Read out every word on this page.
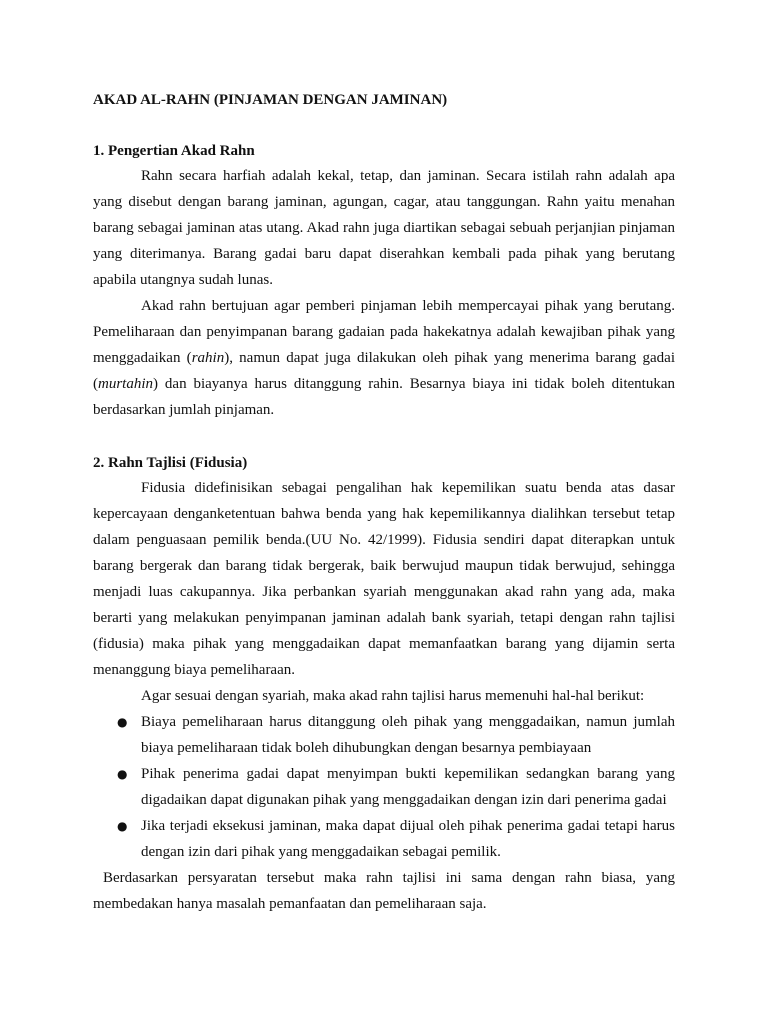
AKAD AL-RAHN (PINJAMAN DENGAN JAMINAN)

1. Pengertian Akad Rahn

Rahn secara harfiah adalah kekal, tetap, dan jaminan. Secara istilah rahn adalah apa yang disebut dengan barang jaminan, agungan, cagar, atau tanggungan. Rahn yaitu menahan barang sebagai jaminan atas utang. Akad rahn juga diartikan sebagai sebuah perjanjian pinjaman yang diterimanya. Barang gadai baru dapat diserahkan kembali pada pihak yang berutang apabila utangnya sudah lunas.

Akad rahn bertujuan agar pemberi pinjaman lebih mempercayai pihak yang berutang. Pemeliharaan dan penyimpanan barang gadaian pada hakekatnya adalah kewajiban pihak yang menggadaikan (rahin), namun dapat juga dilakukan oleh pihak yang menerima barang gadai (murtahin) dan biayanya harus ditanggung rahin. Besarnya biaya ini tidak boleh ditentukan berdasarkan jumlah pinjaman.

2. Rahn Tajlisi (Fidusia)

Fidusia didefinisikan sebagai pengalihan hak kepemilikan suatu benda atas dasar kepercayaan denganketentuan bahwa benda yang hak kepemilikannya dialihkan tersebut tetap dalam penguasaan pemilik benda.(UU No. 42/1999). Fidusia sendiri dapat diterapkan untuk barang bergerak dan barang tidak bergerak, baik berwujud maupun tidak berwujud, sehingga menjadi luas cakupannya. Jika perbankan syariah menggunakan akad rahn yang ada, maka berarti yang melakukan penyimpanan jaminan adalah bank syariah, tetapi dengan rahn tajlisi (fidusia) maka pihak yang menggadaikan dapat memanfaatkan barang yang dijamin serta menanggung biaya pemeliharaan.

Agar sesuai dengan syariah, maka akad rahn tajlisi harus memenuhi hal-hal berikut:

● Biaya pemeliharaan harus ditanggung oleh pihak yang menggadaikan, namun jumlah biaya pemeliharaan tidak boleh dihubungkan dengan besarnya pembiayaan
● Pihak penerima gadai dapat menyimpan bukti kepemilikan sedangkan barang yang digadaikan dapat digunakan pihak yang menggadaikan dengan izin dari penerima gadai
● Jika terjadi eksekusi jaminan, maka dapat dijual oleh pihak penerima gadai tetapi harus dengan izin dari pihak yang menggadaikan sebagai pemilik.

Berdasarkan persyaratan tersebut maka rahn tajlisi ini sama dengan rahn biasa, yang membedakan hanya masalah pemanfaatan dan pemeliharaan saja.
